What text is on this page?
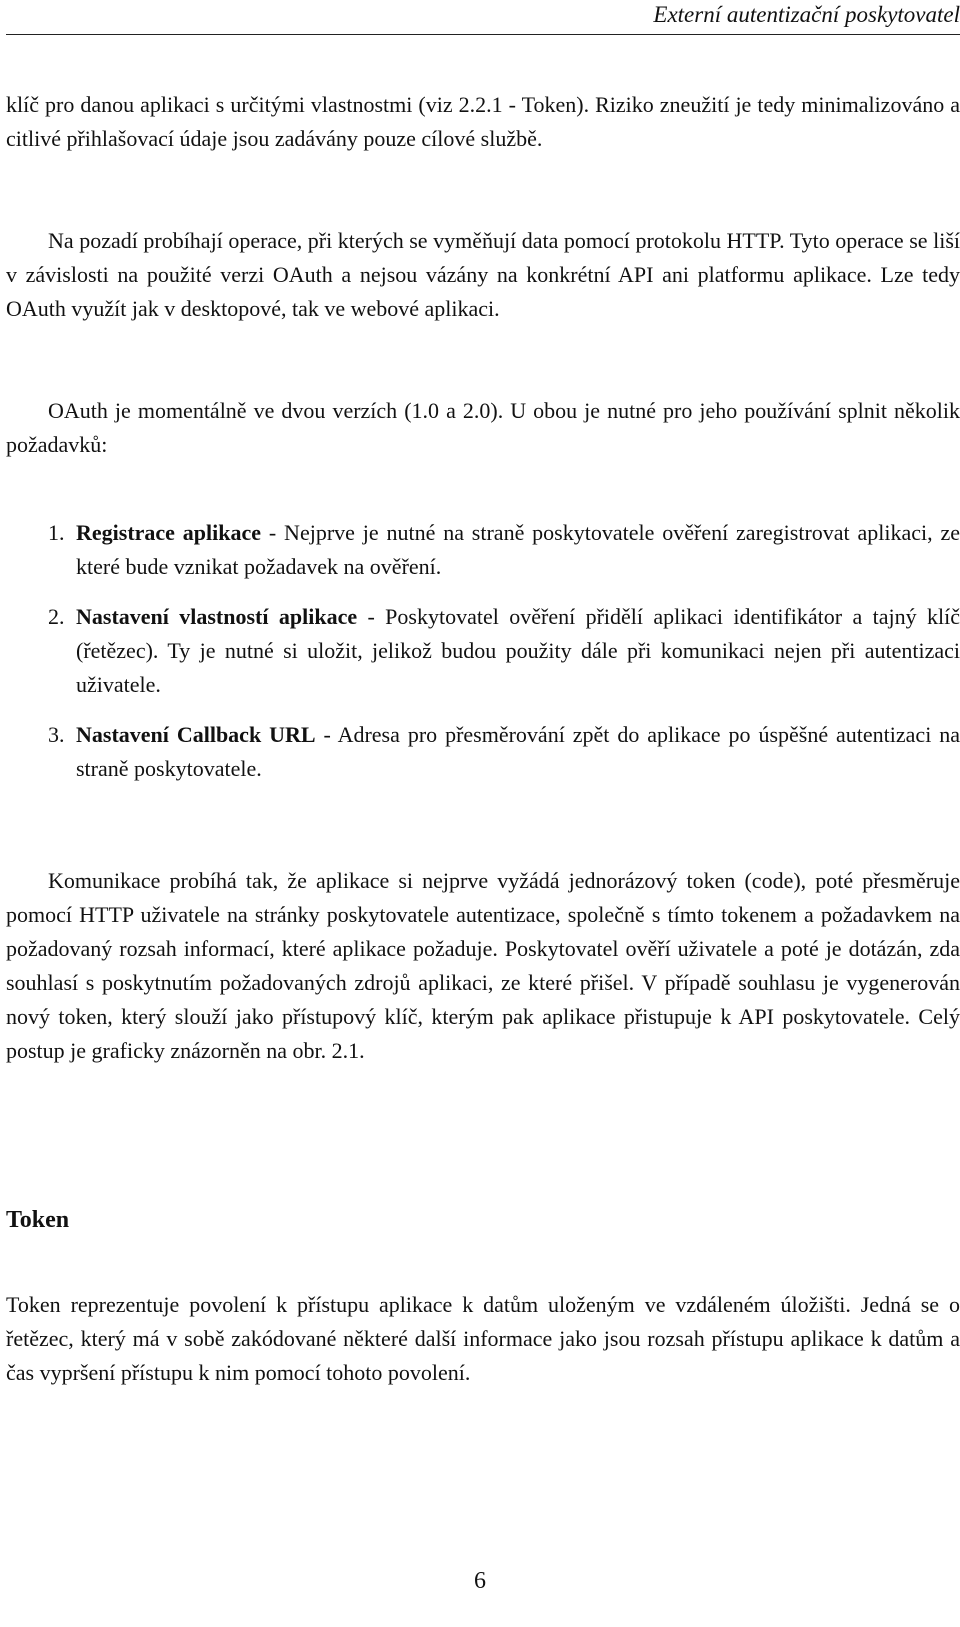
Externí autentizační poskytovatel

klíč pro danou aplikaci s určitými vlastnostmi (viz 2.2.1 - Token). Riziko zneužití je tedy minimalizováno a citlivé přihlašovací údaje jsou zadávány pouze cílové službě.

Na pozadí probíhají operace, při kterých se vyměňují data pomocí protokolu HTTP. Tyto operace se liší v závislosti na použité verzi OAuth a nejsou vázány na konkrétní API ani platformu aplikace. Lze tedy OAuth využít jak v desktopové, tak ve webové aplikaci.

OAuth je momentálně ve dvou verzích (1.0 a 2.0). U obou je nutné pro jeho používání splnit několik požadavků:

1. Registrace aplikace - Nejprve je nutné na straně poskytovatele ověření zaregistrovat aplikaci, ze které bude vznikat požadavek na ověření.
2. Nastavení vlastností aplikace - Poskytovatel ověření přidělí aplikaci identifikátor a tajný klíč (řetězec). Ty je nutné si uložit, jelikož budou použity dále při komunikaci nejen při autentizaci uživatele.
3. Nastavení Callback URL - Adresa pro přesměrování zpět do aplikace po úspěšné autentizaci na straně poskytovatele.

Komunikace probíhá tak, že aplikace si nejprve vyžádá jednorázový token (code), poté přesměruje pomocí HTTP uživatele na stránky poskytovatele autentizace, společně s tímto tokenem a požadavkem na požadovaný rozsah informací, které aplikace požaduje. Poskytovatel ověří uživatele a poté je dotázán, zda souhlasí s poskytnutím požadovaných zdrojů aplikaci, ze které přišel. V případě souhlasu je vygenerován nový token, který slouží jako přístupový klíč, kterým pak aplikace přistupuje k API poskytovatele. Celý postup je graficky znázorněn na obr. 2.1.

Token

Token reprezentuje povolení k přístupu aplikace k datům uloženým ve vzdáleném úložišti. Jedná se o řetězec, který má v sobě zakódované některé další informace jako jsou rozsah přístupu aplikace k datům a čas vypršení přístupu k nim pomocí tohoto povolení.

6
